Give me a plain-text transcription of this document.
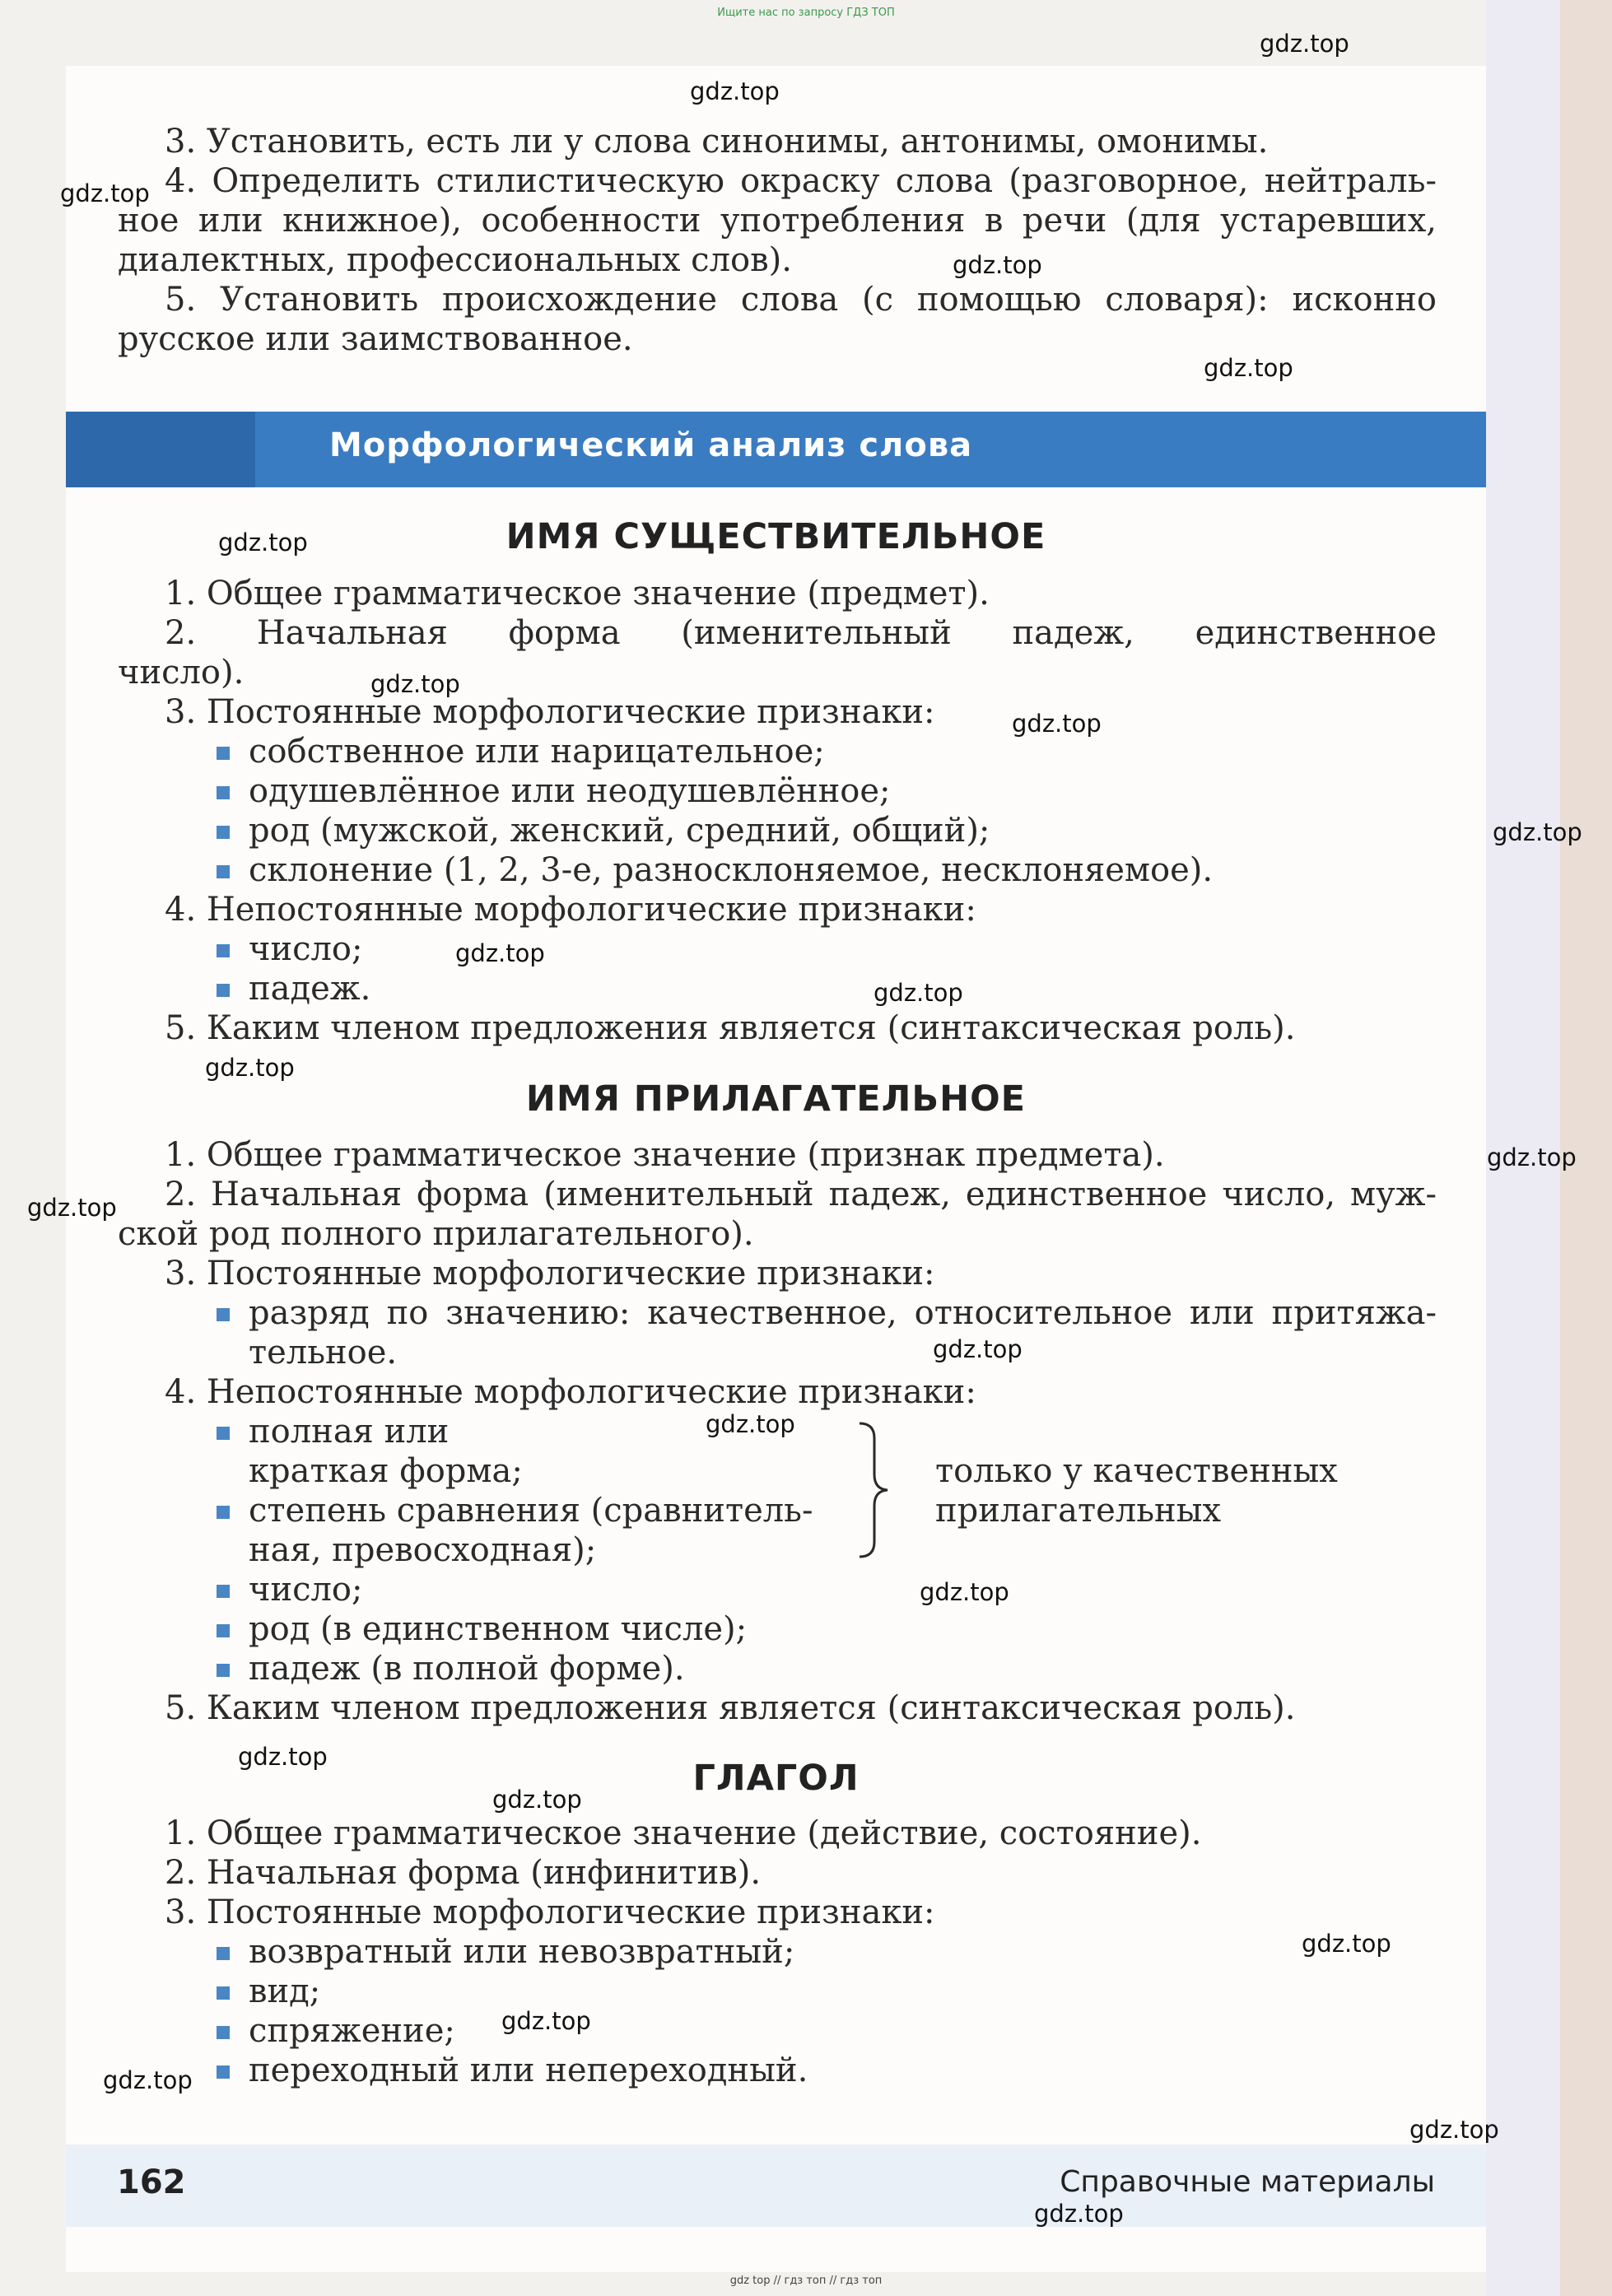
Ищите нас по запросу ГДЗ ТОП
3. Установить, есть ли у слова синонимы, антонимы, омонимы.
4. Определить стилистическую окраску слова (разговорное, нейтраль-
ное или книжное), особенности употребления в речи (для устаревших,
диалектных, профессиональных слов).
5. Установить происхождение слова (с помощью словаря): исконно
русское или заимствованное.
Морфологический анализ слова
ИМЯ СУЩЕСТВИТЕЛЬНОЕ
1. Общее грамматическое значение (предмет).
2. Начальная форма (именительный падеж, единственное
число).
3. Постоянные морфологические признаки:
собственное или нарицательное;
одушевлённое или неодушевлённое;
род (мужской, женский, средний, общий);
склонение (1, 2, 3-е, разносклоняемое, несклоняемое).
4. Непостоянные морфологические признаки:
число;
падеж.
5. Каким членом предложения является (синтаксическая роль).
ИМЯ ПРИЛАГАТЕЛЬНОЕ
1. Общее грамматическое значение (признак предмета).
2. Начальная форма (именительный падеж, единственное число, муж-
ской род полного прилагательного).
3. Постоянные морфологические признаки:
разряд по значению: качественное, относительное или притяжа-
тельное.
4. Непостоянные морфологические признаки:
полная или
краткая форма;
степень сравнения (сравнитель-
ная, превосходная);
только у качественных
прилагательных
число;
род (в единственном числе);
падеж (в полной форме).
5. Каким членом предложения является (синтаксическая роль).
ГЛАГОЛ
1. Общее грамматическое значение (действие, состояние).
2. Начальная форма (инфинитив).
3. Постоянные морфологические признаки:
возвратный или невозвратный;
вид;
спряжение;
переходный или непереходный.
162	Справочные материалы
gdz top // гдз топ // гдз топ
gdz.top
gdz.top
gdz.top
gdz.top
gdz.top
gdz.top
gdz.top
gdz.top
gdz.top
gdz.top
gdz.top
gdz.top
gdz.top
gdz.top
gdz.top
gdz.top
gdz.top
gdz.top
gdz.top
gdz.top
gdz.top
gdz.top
gdz.top
gdz.top
